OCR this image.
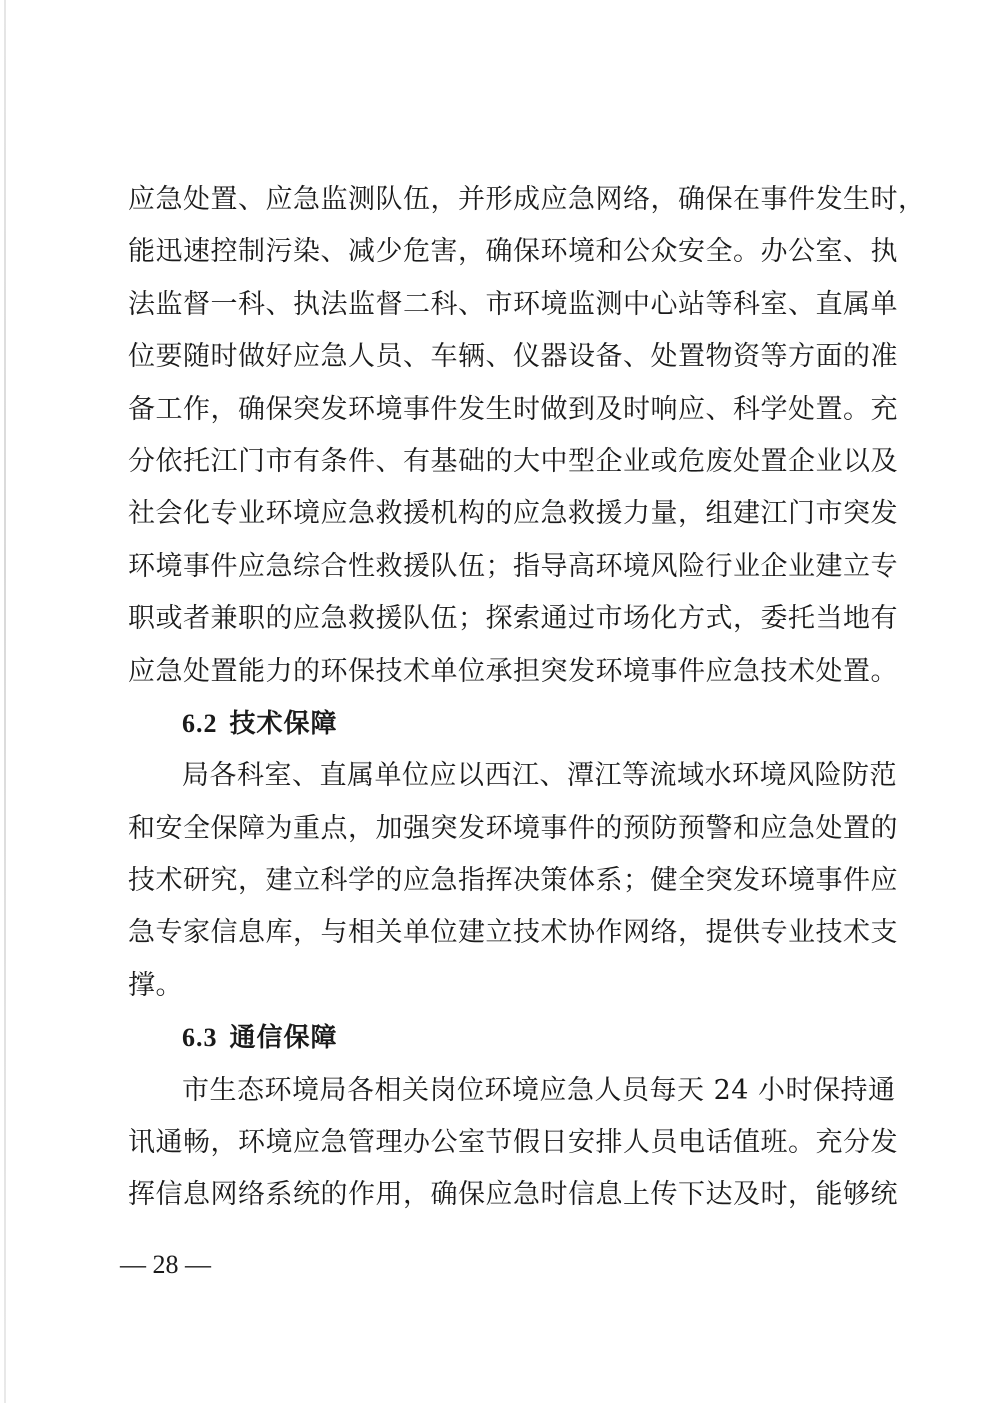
应急处置、应急监测队伍，并形成应急网络，确保在事件发生时，
能迅速控制污染、减少危害，确保环境和公众安全。办公室、执
法监督一科、执法监督二科、市环境监测中心站等科室、直属单
位要随时做好应急人员、车辆、仪器设备、处置物资等方面的准
备工作，确保突发环境事件发生时做到及时响应、科学处置。充
分依托江门市有条件、有基础的大中型企业或危废处置企业以及
社会化专业环境应急救援机构的应急救援力量，组建江门市突发
环境事件应急综合性救援队伍；指导高环境风险行业企业建立专
职或者兼职的应急救援队伍；探索通过市场化方式，委托当地有
应急处置能力的环保技术单位承担突发环境事件应急技术处置。
6.2 技术保障
局各科室、直属单位应以西江、潭江等流域水环境风险防范
和安全保障为重点，加强突发环境事件的预防预警和应急处置的
技术研究，建立科学的应急指挥决策体系；健全突发环境事件应
急专家信息库，与相关单位建立技术协作网络，提供专业技术支
撑。
6.3 通信保障
市生态环境局各相关岗位环境应急人员每天 24 小时保持通
讯通畅，环境应急管理办公室节假日安排人员电话值班。充分发
挥信息网络系统的作用，确保应急时信息上传下达及时，能够统
— 28 —
